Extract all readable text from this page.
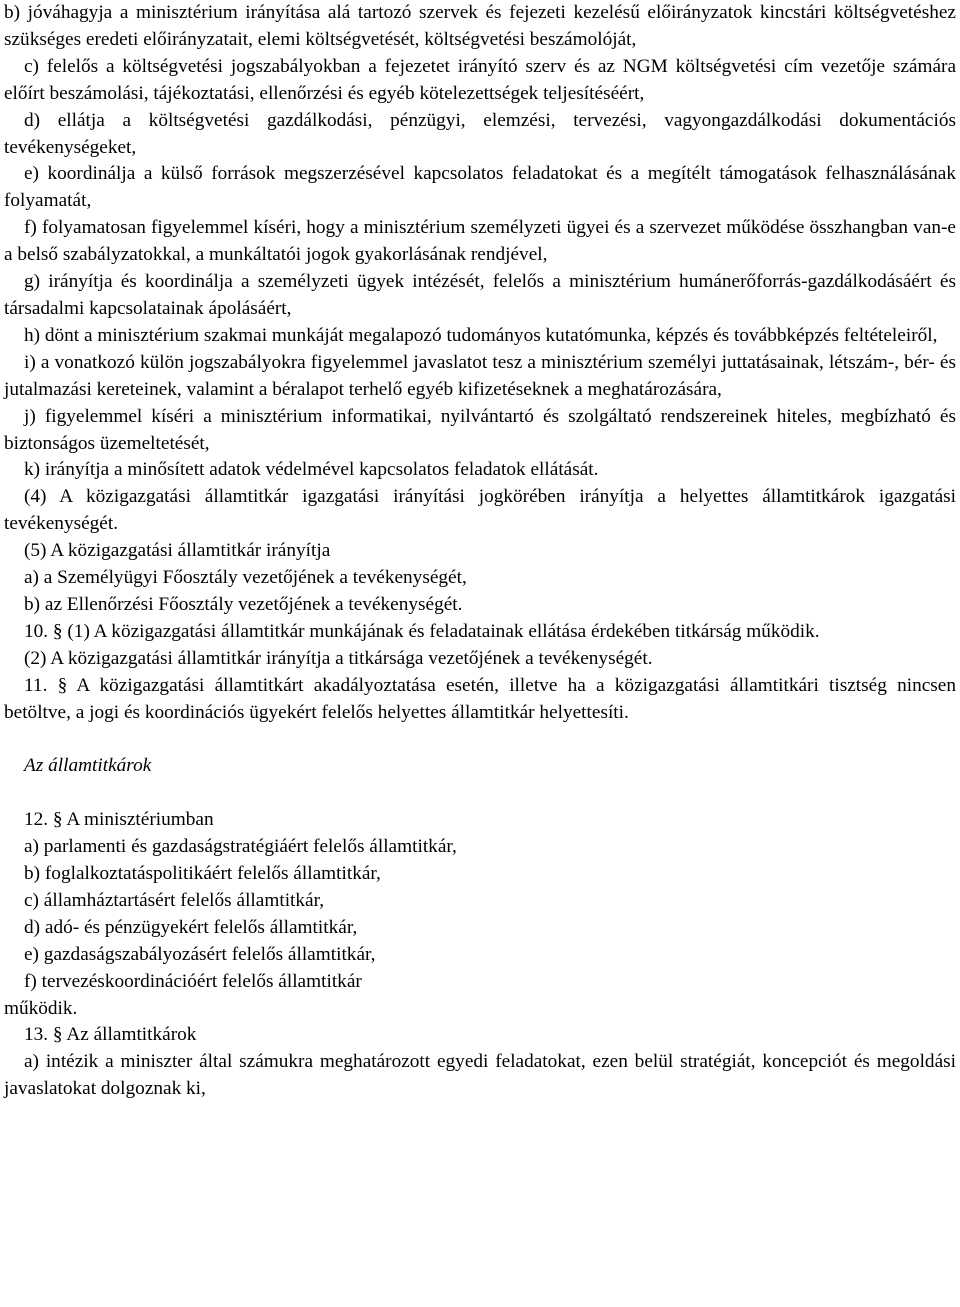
b) jóváhagyja a minisztérium irányítása alá tartozó szervek és fejezeti kezelésű előirányzatok kincstári költségvetéshez szükséges eredeti előirányzatait, elemi költségvetését, költségvetési beszámolóját,

c) felelős a költségvetési jogszabályokban a fejezetet irányító szerv és az NGM költségvetési cím vezetője számára előírt beszámolási, tájékoztatási, ellenőrzési és egyéb kötelezettségek teljesítéséért,

d) ellátja a költségvetési gazdálkodási, pénzügyi, elemzési, tervezési, vagyongazdálkodási dokumentációs tevékenységeket,

e) koordinálja a külső források megszerzésével kapcsolatos feladatokat és a megítélt támogatások felhasználásának folyamatát,

f) folyamatosan figyelemmel kíséri, hogy a minisztérium személyzeti ügyei és a szervezet működése összhangban van-e a belső szabályzatokkal, a munkáltatói jogok gyakorlásának rendjével,

g) irányítja és koordinálja a személyzeti ügyek intézését, felelős a minisztérium humánerőforrás-gazdálkodásáért és társadalmi kapcsolatainak ápolásáért,

h) dönt a minisztérium szakmai munkáját megalapozó tudományos kutatómunka, képzés és továbbképzés feltételeiről,

i) a vonatkozó külön jogszabályokra figyelemmel javaslatot tesz a minisztérium személyi juttatásainak, létszám-, bér- és jutalmazási kereteinek, valamint a béralapot terhelő egyéb kifizetéseknek a meghatározására,

j) figyelemmel kíséri a minisztérium informatikai, nyilvántartó és szolgáltató rendszereinek hiteles, megbízható és biztonságos üzemeltetését,

k) irányítja a minősített adatok védelmével kapcsolatos feladatok ellátását.

(4) A közigazgatási államtitkár igazgatási irányítási jogkörében irányítja a helyettes államtitkárok igazgatási tevékenységét.

(5) A közigazgatási államtitkár irányítja

a) a Személyügyi Főosztály vezetőjének a tevékenységét,

b) az Ellenőrzési Főosztály vezetőjének a tevékenységét.

10. § (1) A közigazgatási államtitkár munkájának és feladatainak ellátása érdekében titkárság működik.

(2) A közigazgatási államtitkár irányítja a titkársága vezetőjének a tevékenységét.

11. § A közigazgatási államtitkárt akadályoztatása esetén, illetve ha a közigazgatási államtitkári tisztség nincsen betöltve, a jogi és koordinációs ügyekért felelős helyettes államtitkár helyettesíti.

Az államtitkárok

12. § A minisztériumban

a) parlamenti és gazdaságstratégiáért felelős államtitkár,

b) foglalkoztatáspolitikáért felelős államtitkár,

c) államháztartásért felelős államtitkár,

d) adó- és pénzügyekért felelős államtitkár,

e) gazdaságszabályozásért felelős államtitkár,

f) tervezéskoordinációért felelős államtitkár

működik.

13. § Az államtitkárok

a) intézik a miniszter által számukra meghatározott egyedi feladatokat, ezen belül stratégiát, koncepciót és megoldási javaslatokat dolgoznak ki,
